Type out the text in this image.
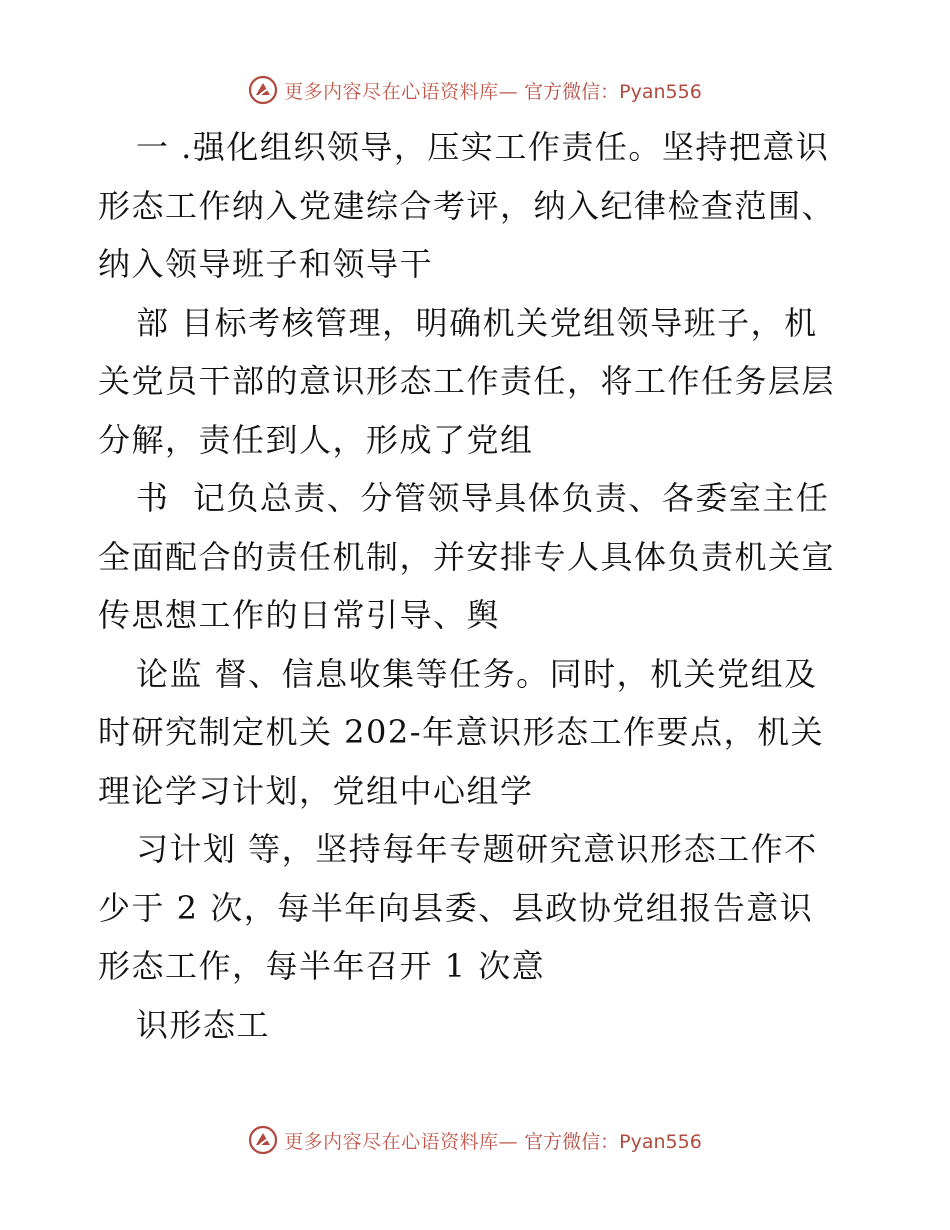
更多内容尽在心语资料库— 官方微信：Pyan556

一 .强化组织领导，压实工作责任。坚持把意识

形态工作纳入党建综合考评，纳入纪律检查范围、

纳入领导班子和领导干

部 目标考核管理，明确机关党组领导班子，机

关党员干部的意识形态工作责任，将工作任务层层

分解，责任到人，形成了党组

书  记负总责、分管领导具体负责、各委室主任

全面配合的责任机制，并安排专人具体负责机关宣

传思想工作的日常引导、舆

论监 督、信息收集等任务。同时，机关党组及

时研究制定机关 202-年意识形态工作要点，机关

理论学习计划，党组中心组学

习计划 等，坚持每年专题研究意识形态工作不

少于 2 次，每半年向县委、县政协党组报告意识

形态工作，每半年召开 1 次意

识形态工

更多内容尽在心语资料库— 官方微信：Pyan556
